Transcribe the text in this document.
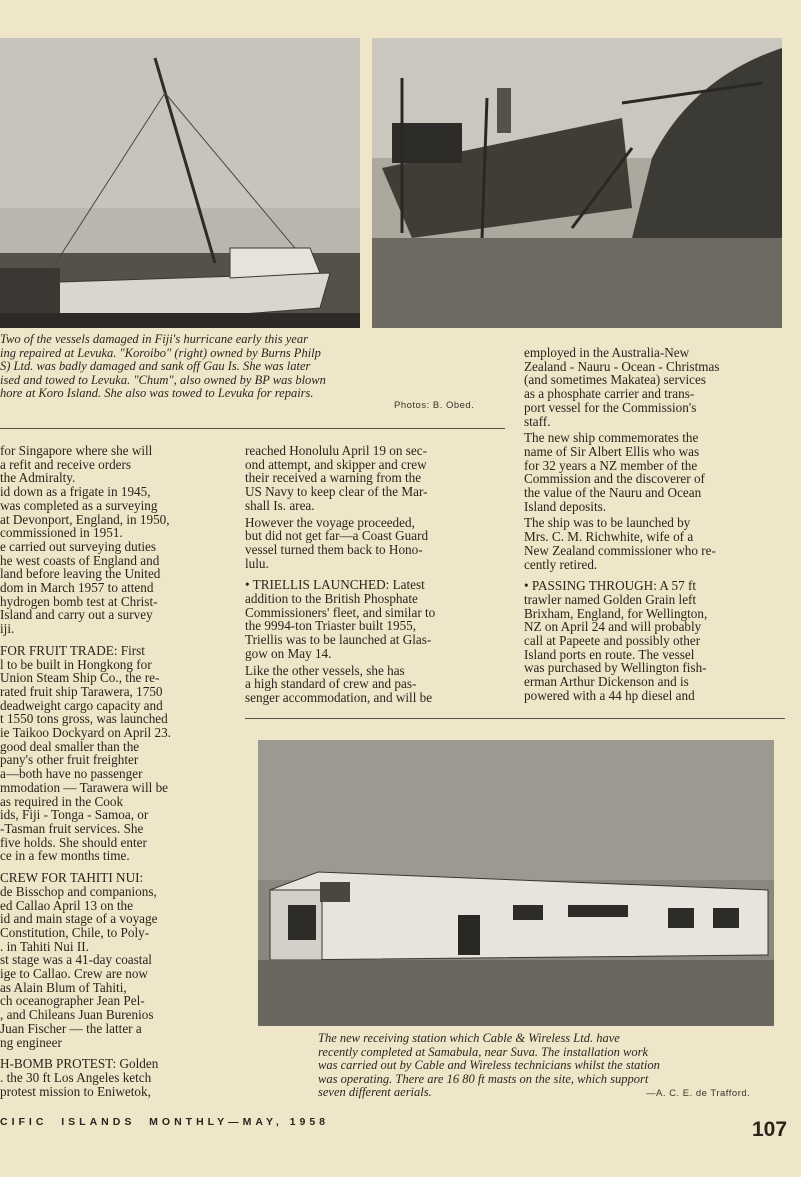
Two of the vessels damaged in Fiji's hurricane early this year
ing repaired at Levuka. "Koroibo" (right) owned by Burns Philp
S) Ltd. was badly damaged and sank off Gau Is. She was later
ised and towed to Levuka. "Chum", also owned by BP was blown
hore at Koro Island. She also was towed to Levuka for repairs.
Photos: B. Obed.

for Singapore where she will
a refit and receive orders
the Admiralty.
id down as a frigate in 1945,
was completed as a surveying
at Devonport, England, in 1950,
commissioned in 1951.
e carried out surveying duties
he west coasts of England and
land before leaving the United
dom in March 1957 to attend
hydrogen bomb test at Christ-
Island and carry out a survey
iji.

FOR FRUIT TRADE: First
l to be built in Hongkong for
Union Steam Ship Co., the re-
rated fruit ship Tarawera, 1750
deadweight cargo capacity and
t 1550 tons gross, was launched
ie Taikoo Dockyard on April 23.
good deal smaller than the
pany's other fruit freighter
a—both have no passenger
mmodation — Tarawera will be
as required in the Cook
ids, Fiji - Tonga - Samoa, or
-Tasman fruit services. She
five holds. She should enter
ce in a few months time.

CREW FOR TAHITI NUI:
de Bisschop and companions,
ed Callao April 13 on the
id and main stage of a voyage
Constitution, Chile, to Poly-
. in Tahiti Nui II.
st stage was a 41-day coastal
ige to Callao. Crew are now
as Alain Blum of Tahiti,
ch oceanographer Jean Pel-
, and Chileans Juan Burenios
Juan Fischer — the latter a
ng engineer

H-BOMB PROTEST: Golden
. the 30 ft Los Angeles ketch
protest mission to Eniwetok,

reached Honolulu April 19 on sec-
ond attempt, and skipper and crew
their received a warning from the
US Navy to keep clear of the Mar-
shall Is. area.

However the voyage proceeded,
but did not get far—a Coast Guard
vessel turned them back to Hono-
lulu.

• TRIELLIS LAUNCHED: Latest
addition to the British Phosphate
Commissioners' fleet, and similar to
the 9994-ton Triaster built 1955,
Triellis was to be launched at Glas-
gow on May 14.

Like the other vessels, she has
a high standard of crew and pas-
senger accommodation, and will be

employed in the Australia-New
Zealand - Nauru - Ocean - Christmas
(and sometimes Makatea) services
as a phosphate carrier and trans-
port vessel for the Commission's
staff.

The new ship commemorates the
name of Sir Albert Ellis who was
for 32 years a NZ member of the
Commission and the discoverer of
the value of the Nauru and Ocean
Island deposits.

The ship was to be launched by
Mrs. C. M. Richwhite, wife of a
New Zealand commissioner who re-
cently retired.

• PASSING THROUGH: A 57 ft
trawler named Golden Grain left
Brixham, England, for Wellington,
NZ on April 24 and will probably
call at Papeete and possibly other
Island ports en route. The vessel
was purchased by Wellington fish-
erman Arthur Dickenson and is
powered with a 44 hp diesel and

The new receiving station which Cable & Wireless Ltd. have
recently completed at Samabula, near Suva. The installation work
was carried out by Cable and Wireless technicians whilst the station
was operating. There are 16 80 ft masts on the site, which support
seven different aerials.	—A. C. E. de Trafford.
CIFIC  ISLANDS  MONTHLY—MAY, 1958	107
